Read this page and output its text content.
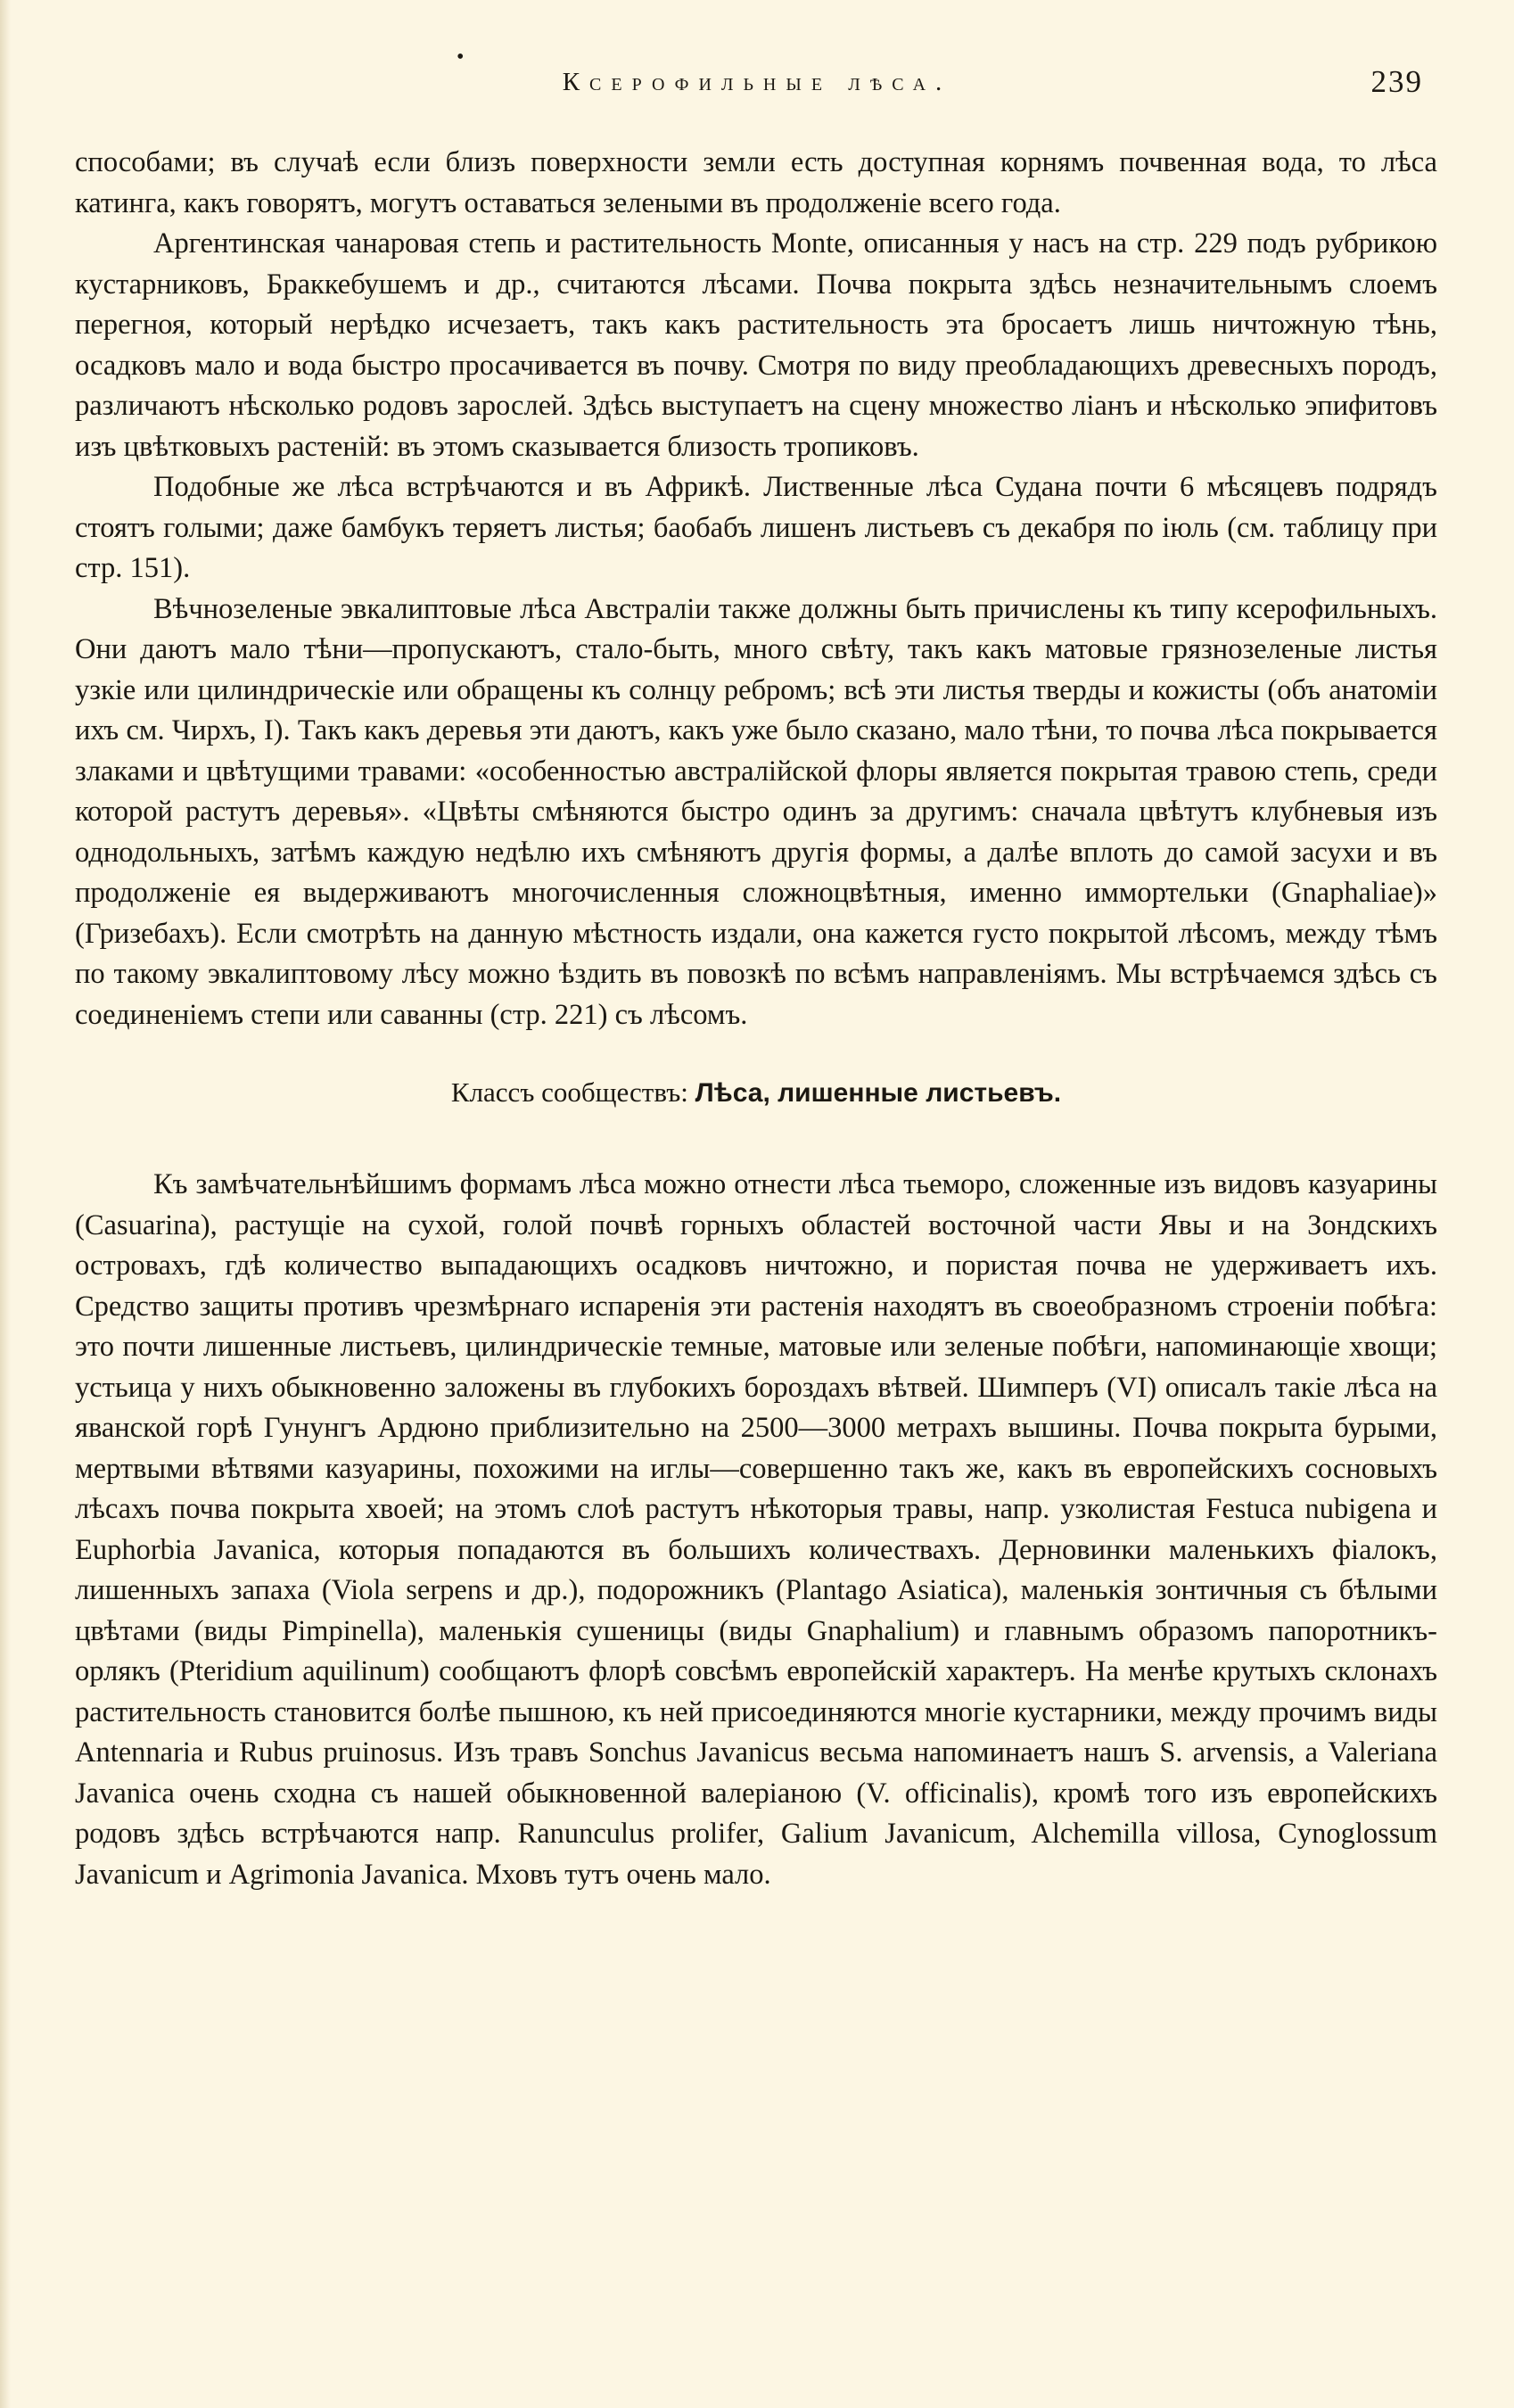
•
Ксерофильные лѣса.	239

способами; въ случаѣ если близъ поверхности земли есть доступная корнямъ почвенная вода, то лѣса катинга, какъ говорятъ, могутъ оставаться зелеными въ продолженіе всего года.

Аргентинская чанаровая степь и растительность Monte, описанныя у насъ на стр. 229 подъ рубрикою кустарниковъ, Браккебушемъ и др., считаются лѣсами. Почва покрыта здѣсь незначительнымъ слоемъ перегноя, который нерѣдко исчезаетъ, такъ какъ растительность эта бросаетъ лишь ничтожную тѣнь, осадковъ мало и вода быстро просачивается въ почву. Смотря по виду преобладающихъ древесныхъ породъ, различаютъ нѣсколько родовъ зарослей. Здѣсь выступаетъ на сцену множество ліанъ и нѣсколько эпифитовъ изъ цвѣтковыхъ растеній: въ этомъ сказывается близость тропиковъ.

Подобные же лѣса встрѣчаются и въ Африкѣ. Лиственные лѣса Судана почти 6 мѣсяцевъ подрядъ стоятъ голыми; даже бамбукъ теряетъ листья; баобабъ лишенъ листьевъ съ декабря по іюль (см. таблицу при стр. 151).

Вѣчнозеленые эвкалиптовые лѣса Австраліи также должны быть причислены къ типу ксерофильныхъ. Они даютъ мало тѣни—пропускаютъ, стало-быть, много свѣту, такъ какъ матовые грязнозеленые листья узкіе или цилиндрическіе или обращены къ солнцу ребромъ; всѣ эти листья тверды и кожисты (объ анатоміи ихъ см. Чирхъ, I). Такъ какъ деревья эти даютъ, какъ уже было сказано, мало тѣни, то почва лѣса покрывается злаками и цвѣтущими травами: «особенностью австралійской флоры является покрытая травою степь, среди которой растутъ деревья». «Цвѣты смѣняются быстро одинъ за другимъ: сначала цвѣтутъ клубневыя изъ однодольныхъ, затѣмъ каждую недѣлю ихъ смѣняютъ другія формы, а далѣе вплоть до самой засухи и въ продолженіе ея выдерживаютъ многочисленныя сложноцвѣтныя, именно иммортельки (Gnaphaliae)» (Гризебахъ). Если смотрѣть на данную мѣстность издали, она кажется густо покрытой лѣсомъ, между тѣмъ по такому эвкалиптовому лѣсу можно ѣздить въ повозкѣ по всѣмъ направленіямъ. Мы встрѣчаемся здѣсь съ соединеніемъ степи или саванны (стр. 221) съ лѣсомъ.

Классъ сообществъ: Лѣса, лишенные листьевъ.

Къ замѣчательнѣйшимъ формамъ лѣса можно отнести лѣса тьеморо, сложенные изъ видовъ казуарины (Casuarina), растущіе на сухой, голой почвѣ горныхъ областей восточной части Явы и на Зондскихъ островахъ, гдѣ количество выпадающихъ осадковъ ничтожно, и пористая почва не удерживаетъ ихъ. Средство защиты противъ чрезмѣрнаго испаренія эти растенія находятъ въ своеобразномъ строеніи побѣга: это почти лишенные листьевъ, цилиндрическіе темные, матовые или зеленые побѣги, напоминающіе хвощи; устьица у нихъ обыкновенно заложены въ глубокихъ бороздахъ вѣтвей. Шимперъ (VI) описалъ такіе лѣса на яванской горѣ Гунунгъ Ардюно приблизительно на 2500—3000 метрахъ вышины. Почва покрыта бурыми, мертвыми вѣтвями казуарины, похожими на иглы—совершенно такъ же, какъ въ европейскихъ сосновыхъ лѣсахъ почва покрыта хвоей; на этомъ слоѣ растутъ нѣкоторыя травы, напр. узколистая Festuca nubigena и Euphorbia Javanica, которыя попадаются въ большихъ количествахъ. Дерновинки маленькихъ фіалокъ, лишенныхъ запаха (Viola serpens и др.), подорожникъ (Plantago Asiatica), маленькія зонтичныя съ бѣлыми цвѣтами (виды Pimpinella), маленькія сушеницы (виды Gnaphalium) и главнымъ образомъ папоротникъ-орлякъ (Pteridium aquilinum) сообщаютъ флорѣ совсѣмъ европейскій характеръ. На менѣе крутыхъ склонахъ растительность становится болѣе пышною, къ ней присоединяются многіе кустарники, между прочимъ виды Antennaria и Rubus pruinosus. Изъ травъ Sonchus Javanicus весьма напоминаетъ нашъ S. arvensis, а Valeriana Javanica очень сходна съ нашей обыкновенной валеріаною (V. officinalis), кромѣ того изъ европейскихъ родовъ здѣсь встрѣчаются напр. Ranunculus prolifer, Galium Javanicum, Alchemilla villosa, Cynoglossum Javanicum и Agrimonia Javanica. Мховъ тутъ очень мало.
